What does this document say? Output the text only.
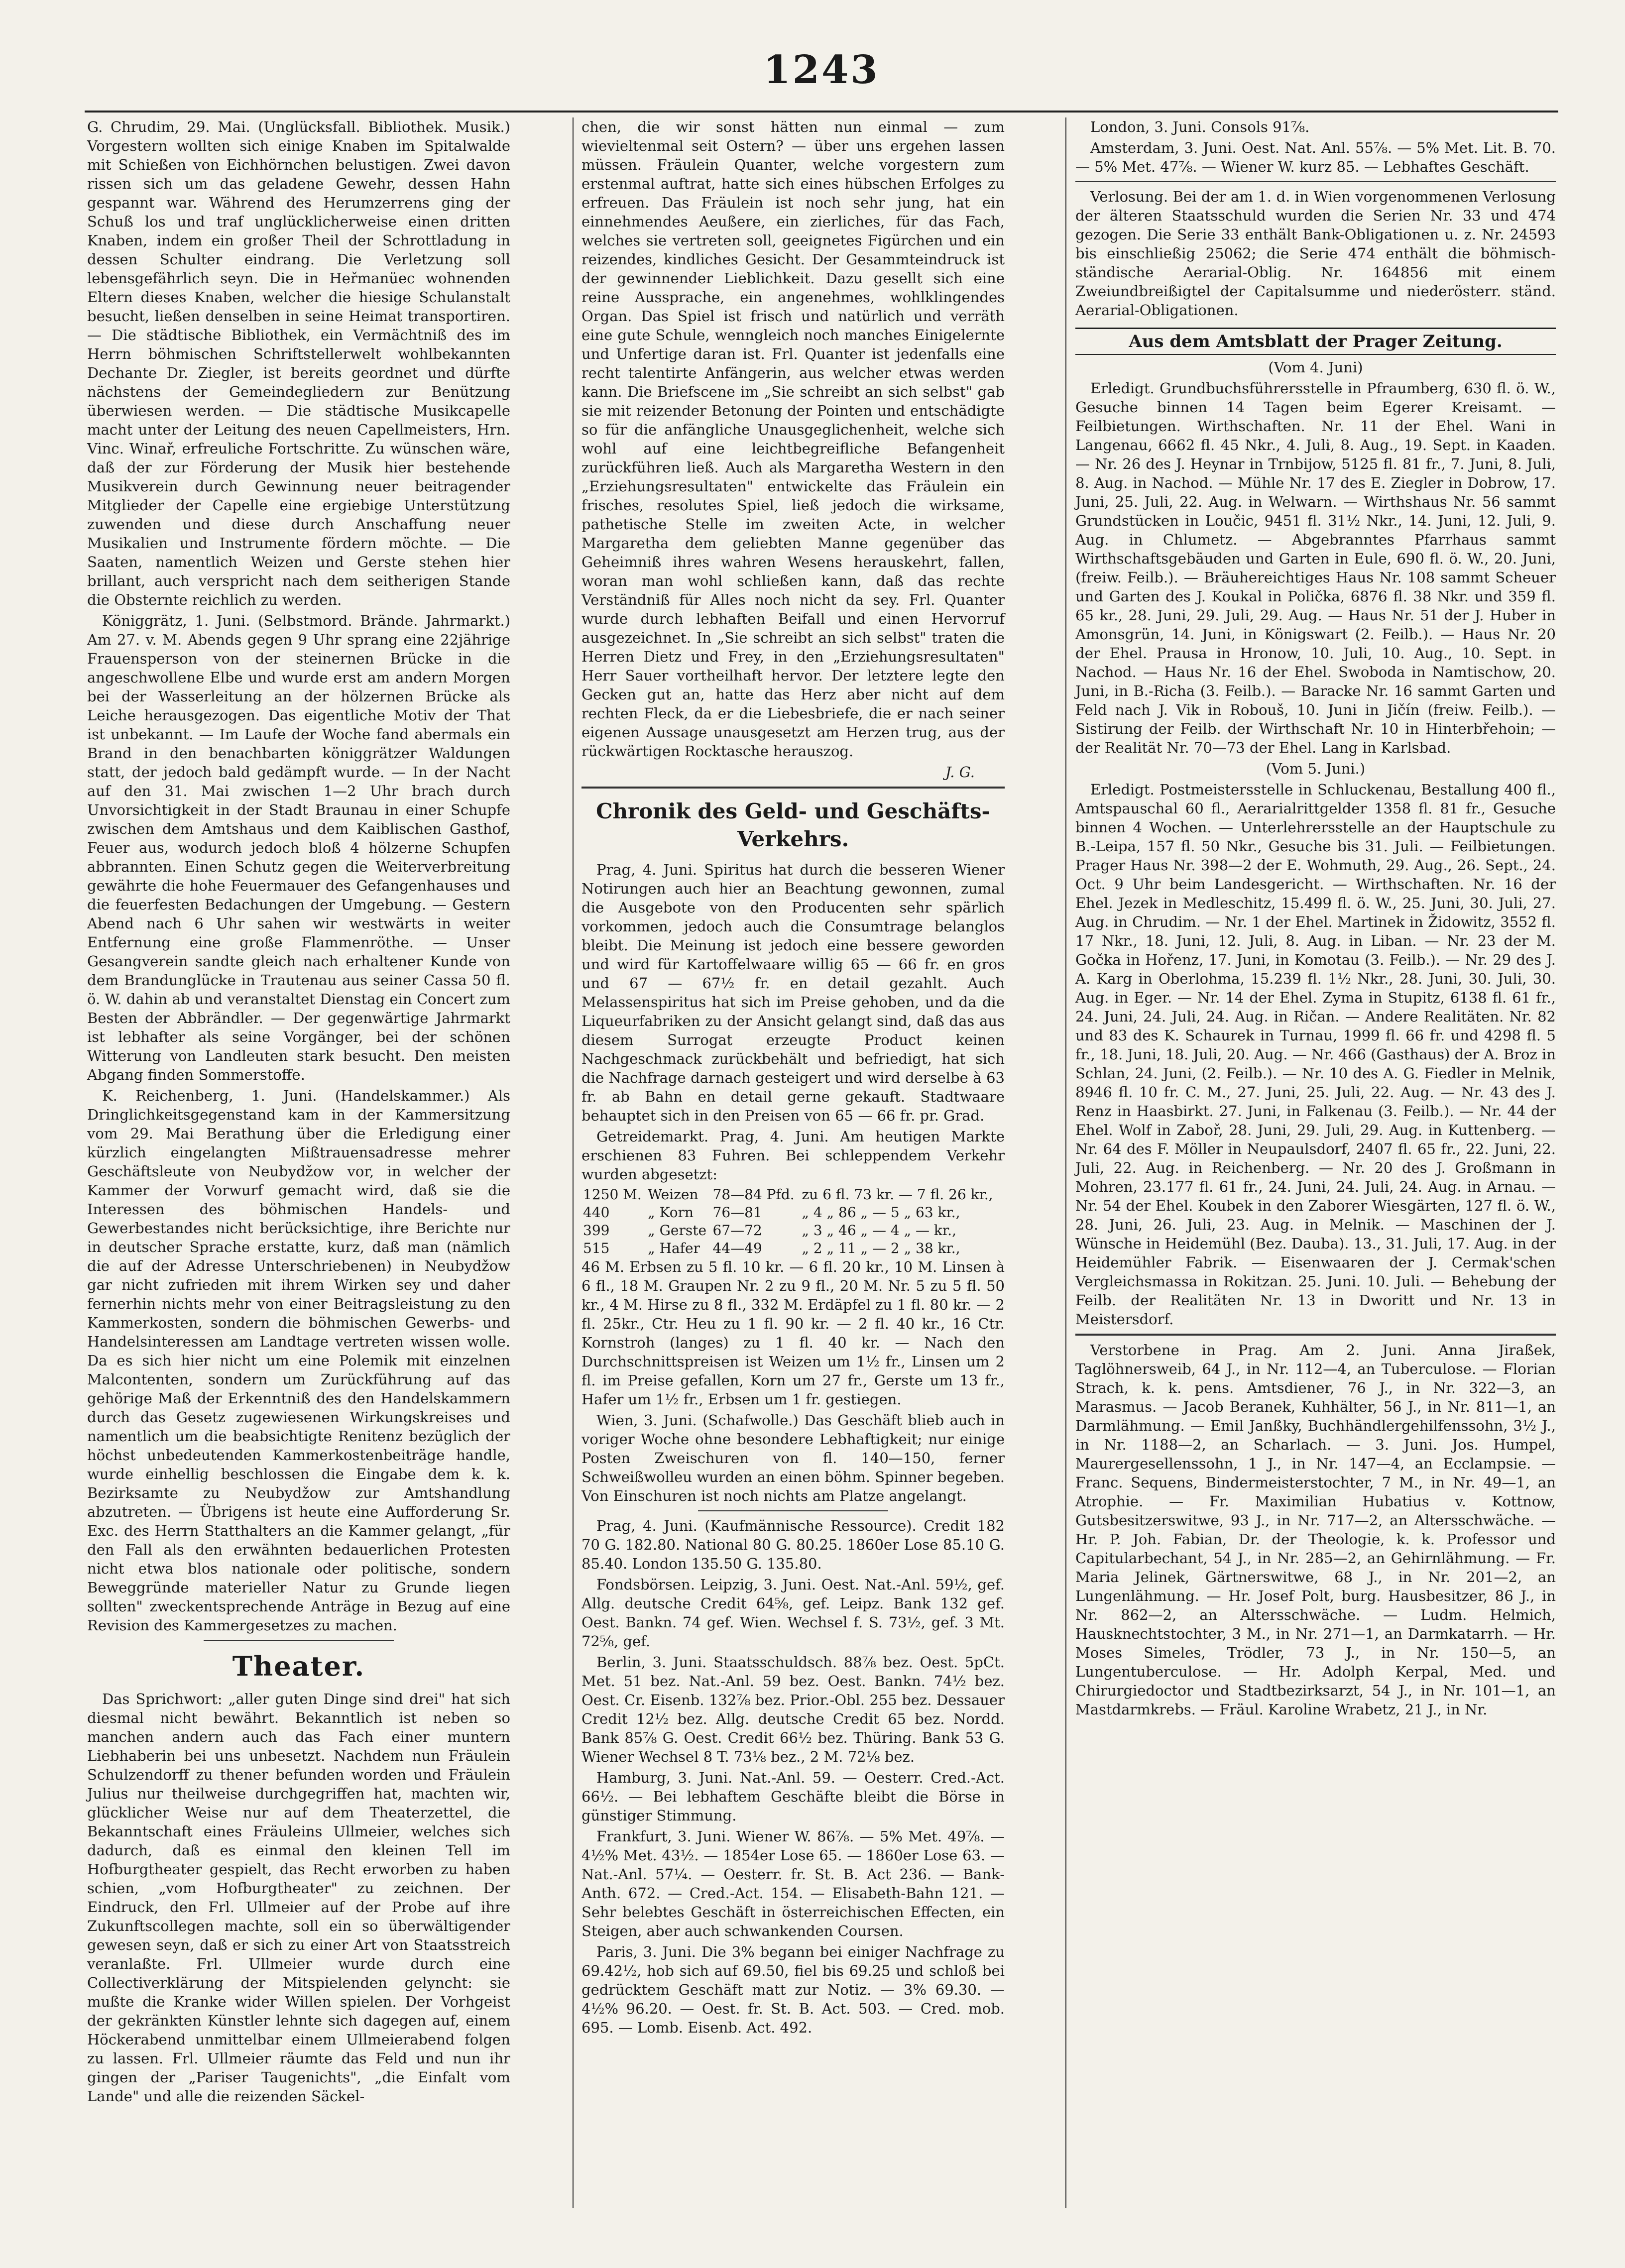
1243

G. Chrudim, 29. Mai. (Unglücksfall. Bibliothek. Musik.) Vorgestern wollten sich einige Knaben im Spitalwalde mit Schießen von Eichhörnchen belustigen. Zwei davon rissen sich um das geladene Gewehr, dessen Hahn gespannt war. Während des Herumzerrens ging der Schuß los und traf unglücklicherweise einen dritten Knaben, indem ein großer Theil der Schrottladung in dessen Schulter eindrang. Die Verletzung soll lebensgefährlich seyn. Die in Heřmanüec wohnenden Eltern dieses Knaben, welcher die hiesige Schulanstalt besucht, ließen denselben in seine Heimat transportiren. — Die städtische Bibliothek, ein Vermächtniß des im Herrn böhmischen Schriftstellerwelt wohlbekannten Dechante Dr. Ziegler, ist bereits geordnet und dürfte nächstens der Gemeindegliedern zur Benützung überwiesen werden. — Die städtische Musikcapelle macht unter der Leitung des neuen Capellmeisters, Hrn. Vinc. Winař, erfreuliche Fortschritte. Zu wünschen wäre, daß der zur Förderung der Musik hier bestehende Musikverein durch Gewinnung neuer beitragender Mitglieder der Capelle eine ergiebige Unterstützung zuwenden und diese durch Anschaffung neuer Musikalien und Instrumente fördern möchte. — Die Saaten, namentlich Weizen und Gerste stehen hier brillant, auch verspricht nach dem seitherigen Stande die Obsternte reichlich zu werden.

Königgrätz, 1. Juni. (Selbstmord. Brände. Jahrmarkt.) Am 27. v. M. Abends gegen 9 Uhr sprang eine 22jährige Frauensperson von der steinernen Brücke in die angeschwollene Elbe und wurde erst am andern Morgen bei der Wasserleitung an der hölzernen Brücke als Leiche herausgezogen. Das eigentliche Motiv der That ist unbekannt. — Im Laufe der Woche fand abermals ein Brand in den benachbarten königgrätzer Waldungen statt, der jedoch bald gedämpft wurde. — In der Nacht auf den 31. Mai zwischen 1—2 Uhr brach durch Unvorsichtigkeit in der Stadt Braunau in einer Schupfe zwischen dem Amtshaus und dem Kaiblischen Gasthof, Feuer aus, wodurch jedoch bloß 4 hölzerne Schupfen abbrannten. Einen Schutz gegen die Weiterverbreitung gewährte die hohe Feuermauer des Gefangenhauses und die feuerfesten Bedachungen der Umgebung. — Gestern Abend nach 6 Uhr sahen wir westwärts in weiter Entfernung eine große Flammenröthe. — Unser Gesangverein sandte gleich nach erhaltener Kunde von dem Brandunglücke in Trautenau aus seiner Cassa 50 fl. ö. W. dahin ab und veranstaltet Dienstag ein Concert zum Besten der Abbrändler. — Der gegenwärtige Jahrmarkt ist lebhafter als seine Vorgänger, bei der schönen Witterung von Landleuten stark besucht. Den meisten Abgang finden Sommerstoffe.

K. Reichenberg, 1. Juni. (Handelskammer.) Als Dringlichkeitsgegenstand kam in der Kammersitzung vom 29. Mai Berathung über die Erledigung einer kürzlich eingelangten Mißtrauensadresse mehrer Geschäftsleute von Neubydžow vor, in welcher der Kammer der Vorwurf gemacht wird, daß sie die Interessen des böhmischen Handels- und Gewerbestandes nicht berücksichtige, ihre Berichte nur in deutscher Sprache erstatte, kurz, daß man (nämlich die auf der Adresse Unterschriebenen) in Neubydžow gar nicht zufrieden mit ihrem Wirken sey und daher fernerhin nichts mehr von einer Beitragsleistung zu den Kammerkosten, sondern die böhmischen Gewerbs- und Handelsinteressen am Landtage vertreten wissen wolle. Da es sich hier nicht um eine Polemik mit einzelnen Malcontenten, sondern um Zurückführung auf das gehörige Maß der Erkenntniß des den Handelskammern durch das Gesetz zugewiesenen Wirkungskreises und namentlich um die beabsichtigte Renitenz bezüglich der höchst unbedeutenden Kammerkostenbeiträge handle, wurde einhellig beschlossen die Eingabe dem k. k. Bezirksamte zu Neubydžow zur Amtshandlung abzutreten. — Übrigens ist heute eine Aufforderung Sr. Exc. des Herrn Statthalters an die Kammer gelangt, „für den Fall als den erwähnten bedauerlichen Protesten nicht etwa blos nationale oder politische, sondern Beweggründe materieller Natur zu Grunde liegen sollten" zweckentsprechende Anträge in Bezug auf eine Revision des Kammergesetzes zu machen.

Theater.

Das Sprichwort: „aller guten Dinge sind drei" hat sich diesmal nicht bewährt. Bekanntlich ist neben so manchen andern auch das Fach einer muntern Liebhaberin bei uns unbesetzt. Nachdem nun Fräulein Schulzendorff zu thener befunden worden und Fräulein Julius nur theilweise durchgegriffen hat, machten wir, glücklicher Weise nur auf dem Theaterzettel, die Bekanntschaft eines Fräuleins Ullmeier, welches sich dadurch, daß es einmal den kleinen Tell im Hofburgtheater gespielt, das Recht erworben zu haben schien, „vom Hofburgtheater" zu zeichnen. Der Eindruck, den Frl. Ullmeier auf der Probe auf ihre Zukunftscollegen machte, soll ein so überwältigender gewesen seyn, daß er sich zu einer Art von Staatsstreich veranlaßte. Frl. Ullmeier wurde durch eine Collectiverklärung der Mitspielenden gelyncht: sie mußte die Kranke wider Willen spielen. Der Vorhgeist der gekränkten Künstler lehnte sich dagegen auf, einem Höckerabend unmittelbar einem Ullmeierabend folgen zu lassen. Frl. Ullmeier räumte das Feld und nun ihr gingen der „Pariser Taugenichts", „die Einfalt vom Lande" und alle die reizenden Säckel-

chen, die wir sonst hätten nun einmal — zum wievieltenmal seit Ostern? — über uns ergehen lassen müssen. Fräulein Quanter, welche vorgestern zum erstenmal auftrat, hatte sich eines hübschen Erfolges zu erfreuen. Das Fräulein ist noch sehr jung, hat ein einnehmendes Aeußere, ein zierliches, für das Fach, welches sie vertreten soll, geeignetes Figürchen und ein reizendes, kindliches Gesicht. Der Gesammteindruck ist der gewinnender Lieblichkeit. Dazu gesellt sich eine reine Aussprache, ein angenehmes, wohlklingendes Organ. Das Spiel ist frisch und natürlich und verräth eine gute Schule, wenngleich noch manches Einigelernte und Unfertige daran ist. Frl. Quanter ist jedenfalls eine recht talentirte Anfängerin, aus welcher etwas werden kann. Die Briefscene im „Sie schreibt an sich selbst" gab sie mit reizender Betonung der Pointen und entschädigte so für die anfängliche Unausgeglichenheit, welche sich wohl auf eine leichtbegreifliche Befangenheit zurückführen ließ. Auch als Margaretha Western in den „Erziehungsresultaten" entwickelte das Fräulein ein frisches, resolutes Spiel, ließ jedoch die wirksame, pathetische Stelle im zweiten Acte, in welcher Margaretha dem geliebten Manne gegenüber das Geheimniß ihres wahren Wesens herauskehrt, fallen, woran man wohl schließen kann, daß das rechte Verständniß für Alles noch nicht da sey. Frl. Quanter wurde durch lebhaften Beifall und einen Hervorruf ausgezeichnet. In „Sie schreibt an sich selbst" traten die Herren Dietz und Frey, in den „Erziehungsresultaten" Herr Sauer vortheilhaft hervor. Der letztere legte den Gecken gut an, hatte das Herz aber nicht auf dem rechten Fleck, da er die Liebesbriefe, die er nach seiner eigenen Aussage unausgesetzt am Herzen trug, aus der rückwärtigen Rocktasche herauszog.

J. G.
Chronik des Geld- und Geschäfts-Verkehrs.

Prag, 4. Juni. Spiritus hat durch die besseren Wiener Notirungen auch hier an Beachtung gewonnen, zumal die Ausgebote von den Producenten sehr spärlich vorkommen, jedoch auch die Consumtrage belanglos bleibt. Die Meinung ist jedoch eine bessere geworden und wird für Kartoffelwaare willig 65 — 66 fr. en gros und 67 — 67½ fr. en detail gezahlt. Auch Melassenspiritus hat sich im Preise gehoben, und da die Liqueurfabriken zu der Ansicht gelangt sind, daß das aus diesem Surrogat erzeugte Product keinen Nachgeschmack zurückbehält und befriedigt, hat sich die Nachfrage darnach gesteigert und wird derselbe à 63 fr. ab Bahn en detail gerne gekauft. Stadtwaare behauptet sich in den Preisen von 65 — 66 fr. pr. Grad.

Getreidemarkt. Prag, 4. Juni. Am heutigen Markte erschienen 83 Fuhren. Bei schleppendem Verkehr wurden abgesetzt:

1250 M.	Weizen	78—84 Pfd.	zu 6 fl. 73 kr. — 7 fl. 26 kr.,
440	„ Korn	76—81	„ 4 „ 86 „ — 5 „ 63 kr.,
399	„ Gerste	67—72	„ 3 „ 46 „ — 4 „ — kr.,
515	„ Hafer	44—49	„ 2 „ 11 „ — 2 „ 38 kr.,

46 M. Erbsen zu 5 fl. 10 kr. — 6 fl. 20 kr., 10 M. Linsen à 6 fl., 18 M. Graupen Nr. 2 zu 9 fl., 20 M. Nr. 5 zu 5 fl. 50 kr., 4 M. Hirse zu 8 fl., 332 M. Erdäpfel zu 1 fl. 80 kr. — 2 fl. 25kr., Ctr. Heu zu 1 fl. 90 kr. — 2 fl. 40 kr., 16 Ctr. Kornstroh (langes) zu 1 fl. 40 kr. — Nach den Durchschnittspreisen ist Weizen um 1½ fr., Linsen um 2 fl. im Preise gefallen, Korn um 27 fr., Gerste um 13 fr., Hafer um 1½ fr., Erbsen um 1 fr. gestiegen.

Wien, 3. Juni. (Schafwolle.) Das Geschäft blieb auch in voriger Woche ohne besondere Lebhaftigkeit; nur einige Posten Zweischuren von fl. 140—150, ferner Schweißwolleu wurden an einen böhm. Spinner begeben. Von Einschuren ist noch nichts am Platze angelangt.

Prag, 4. Juni. (Kaufmännische Ressource). Credit 182 70 G. 182.80. National 80 G. 80.25. 1860er Lose 85.10 G. 85.40. London 135.50 G. 135.80.

Fondsbörsen. Leipzig, 3. Juni. Oest. Nat.-Anl. 59½, gef. Allg. deutsche Credit 64⅝, gef. Leipz. Bank 132 gef. Oest. Bankn. 74 gef. Wien. Wechsel f. S. 73½, gef. 3 Mt. 72⅝, gef.

Berlin, 3. Juni. Staatsschuldsch. 88⅞ bez. Oest. 5pCt. Met. 51 bez. Nat.-Anl. 59 bez. Oest. Bankn. 74½ bez. Oest. Cr. Eisenb. 132⅞ bez. Prior.-Obl. 255 bez. Dessauer Credit 12½ bez. Allg. deutsche Credit 65 bez. Nordd. Bank 85⅞ G. Oest. Credit 66½ bez. Thüring. Bank 53 G. Wiener Wechsel 8 T. 73⅛ bez., 2 M. 72⅛ bez.

Hamburg, 3. Juni. Nat.-Anl. 59. — Oesterr. Cred.-Act. 66½. — Bei lebhaftem Geschäfte bleibt die Börse in günstiger Stimmung.

Frankfurt, 3. Juni. Wiener W. 86⅞. — 5% Met. 49⅞. — 4½% Met. 43½. — 1854er Lose 65. — 1860er Lose 63. — Nat.-Anl. 57¼. — Oesterr. fr. St. B. Act 236. — Bank-Anth. 672. — Cred.-Act. 154. — Elisabeth-Bahn 121. — Sehr belebtes Geschäft in österreichischen Effecten, ein Steigen, aber auch schwankenden Coursen.

Paris, 3. Juni. Die 3% begann bei einiger Nachfrage zu 69.42½, hob sich auf 69.50, fiel bis 69.25 und schloß bei gedrücktem Geschäft matt zur Notiz. — 3% 69.30. — 4½% 96.20. — Oest. fr. St. B. Act. 503. — Cred. mob. 695. — Lomb. Eisenb. Act. 492.

London, 3. Juni. Consols 91⅞.

Amsterdam, 3. Juni. Oest. Nat. Anl. 55⅞. — 5% Met. Lit. B. 70. — 5% Met. 47⅞. — Wiener W. kurz 85. — Lebhaftes Geschäft.

Verlosung. Bei der am 1. d. in Wien vorgenommenen Verlosung der älteren Staatsschuld wurden die Serien Nr. 33 und 474 gezogen. Die Serie 33 enthält Bank-Obligationen u. z. Nr. 24593 bis einschließig 25062; die Serie 474 enthält die böhmisch-ständische Aerarial-Oblig. Nr. 164856 mit einem Zweiundbreißigtel der Capitalsumme und niederösterr. ständ. Aerarial-Obligationen.

Aus dem Amtsblatt der Prager Zeitung.
(Vom 4. Juni)

Erledigt. Grundbuchsführersstelle in Pfraumberg, 630 fl. ö. W., Gesuche binnen 14 Tagen beim Egerer Kreisamt. — Feilbietungen. Wirthschaften. Nr. 11 der Ehel. Wani in Langenau, 6662 fl. 45 Nkr., 4. Juli, 8. Aug., 19. Sept. in Kaaden. — Nr. 26 des J. Heynar in Trnbijow, 5125 fl. 81 fr., 7. Juni, 8. Juli, 8. Aug. in Nachod. — Mühle Nr. 17 des E. Ziegler in Dobrow, 17. Juni, 25. Juli, 22. Aug. in Welwarn. — Wirthshaus Nr. 56 sammt Grundstücken in Loučic, 9451 fl. 31½ Nkr., 14. Juni, 12. Juli, 9. Aug. in Chlumetz. — Abgebranntes Pfarrhaus sammt Wirthschaftsgebäuden und Garten in Eule, 690 fl. ö. W., 20. Juni, (freiw. Feilb.). — Bräuhereichtiges Haus Nr. 108 sammt Scheuer und Garten des J. Koukal in Polička, 6876 fl. 38 Nkr. und 359 fl. 65 kr., 28. Juni, 29. Juli, 29. Aug. — Haus Nr. 51 der J. Huber in Amonsgrün, 14. Juni, in Königswart (2. Feilb.). — Haus Nr. 20 der Ehel. Prausa in Hronow, 10. Juli, 10. Aug., 10. Sept. in Nachod. — Haus Nr. 16 der Ehel. Swoboda in Namtischow, 20. Juni, in B.-Richa (3. Feilb.). — Baracke Nr. 16 sammt Garten und Feld nach J. Vik in Robouš, 10. Juni in Jičín (freiw. Feilb.). — Sistirung der Feilb. der Wirthschaft Nr. 10 in Hinterbřehoin; — der Realität Nr. 70—73 der Ehel. Lang in Karlsbad.

(Vom 5. Juni.)

Erledigt. Postmeistersstelle in Schluckenau, Bestallung 400 fl., Amtspauschal 60 fl., Aerarialrittgelder 1358 fl. 81 fr., Gesuche binnen 4 Wochen. — Unterlehrersstelle an der Hauptschule zu B.-Leipa, 157 fl. 50 Nkr., Gesuche bis 31. Juli. — Feilbietungen. Prager Haus Nr. 398—2 der E. Wohmuth, 29. Aug., 26. Sept., 24. Oct. 9 Uhr beim Landesgericht. — Wirthschaften. Nr. 16 der Ehel. Jezek in Medleschitz, 15.499 fl. ö. W., 25. Juni, 30. Juli, 27. Aug. in Chrudim. — Nr. 1 der Ehel. Martinek in Židowitz, 3552 fl. 17 Nkr., 18. Juni, 12. Juli, 8. Aug. in Liban. — Nr. 23 der M. Gočka in Hořenz, 17. Juni, in Komotau (3. Feilb.). — Nr. 29 des J. A. Karg in Oberlohma, 15.239 fl. 1½ Nkr., 28. Juni, 30. Juli, 30. Aug. in Eger. — Nr. 14 der Ehel. Zyma in Stupitz, 6138 fl. 61 fr., 24. Juni, 24. Juli, 24. Aug. in Ričan. — Andere Realitäten. Nr. 82 und 83 des K. Schaurek in Turnau, 1999 fl. 66 fr. und 4298 fl. 5 fr., 18. Juni, 18. Juli, 20. Aug. — Nr. 466 (Gasthaus) der A. Broz in Schlan, 24. Juni, (2. Feilb.). — Nr. 10 des A. G. Fiedler in Melnik, 8946 fl. 10 fr. C. M., 27. Juni, 25. Juli, 22. Aug. — Nr. 43 des J. Renz in Haasbirkt. 27. Juni, in Falkenau (3. Feilb.). — Nr. 44 der Ehel. Wolf in Zaboř, 28. Juni, 29. Juli, 29. Aug. in Kuttenberg. — Nr. 64 des F. Möller in Neupaulsdorf, 2407 fl. 65 fr., 22. Juni, 22. Juli, 22. Aug. in Reichenberg. — Nr. 20 des J. Großmann in Mohren, 23.177 fl. 61 fr., 24. Juni, 24. Juli, 24. Aug. in Arnau. — Nr. 54 der Ehel. Koubek in den Zaborer Wiesgärten, 127 fl. ö. W., 28. Juni, 26. Juli, 23. Aug. in Melnik. — Maschinen der J. Wünsche in Heidemühl (Bez. Dauba). 13., 31. Juli, 17. Aug. in der Heidemühler Fabrik. — Eisenwaaren der J. Cermak'schen Vergleichsmassa in Rokitzan. 25. Juni. 10. Juli. — Behebung der Feilb. der Realitäten Nr. 13 in Dworitt und Nr. 13 in Meistersdorf.

Verstorbene in Prag. Am 2. Juni. Anna Jiraßek, Taglöhnersweib, 64 J., in Nr. 112—4, an Tuberculose. — Florian Strach, k. k. pens. Amtsdiener, 76 J., in Nr. 322—3, an Marasmus. — Jacob Beranek, Kuhhälter, 56 J., in Nr. 811—1, an Darmlähmung. — Emil Janßky, Buchhändlergehilfenssohn, 3½ J., in Nr. 1188—2, an Scharlach. — 3. Juni. Jos. Humpel, Maurergesellenssohn, 1 J., in Nr. 147—4, an Ecclampsie. — Franc. Sequens, Bindermeisterstochter, 7 M., in Nr. 49—1, an Atrophie. — Fr. Maximilian Hubatius v. Kottnow, Gutsbesitzerswitwe, 93 J., in Nr. 717—2, an Altersschwäche. — Hr. P. Joh. Fabian, Dr. der Theologie, k. k. Professor und Capitularbechant, 54 J., in Nr. 285—2, an Gehirnlähmung. — Fr. Maria Jelinek, Gärtnerswitwe, 68 J., in Nr. 201—2, an Lungenlähmung. — Hr. Josef Polt, burg. Hausbesitzer, 86 J., in Nr. 862—2, an Altersschwäche. — Ludm. Helmich, Hausknechtstochter, 3 M., in Nr. 271—1, an Darmkatarrh. — Hr. Moses Simeles, Trödler, 73 J., in Nr. 150—5, an Lungentuberculose. — Hr. Adolph Kerpal, Med. und Chirurgiedoctor und Stadtbezirksarzt, 54 J., in Nr. 101—1, an Mastdarmkrebs. — Fräul. Karoline Wrabetz, 21 J., in Nr.
